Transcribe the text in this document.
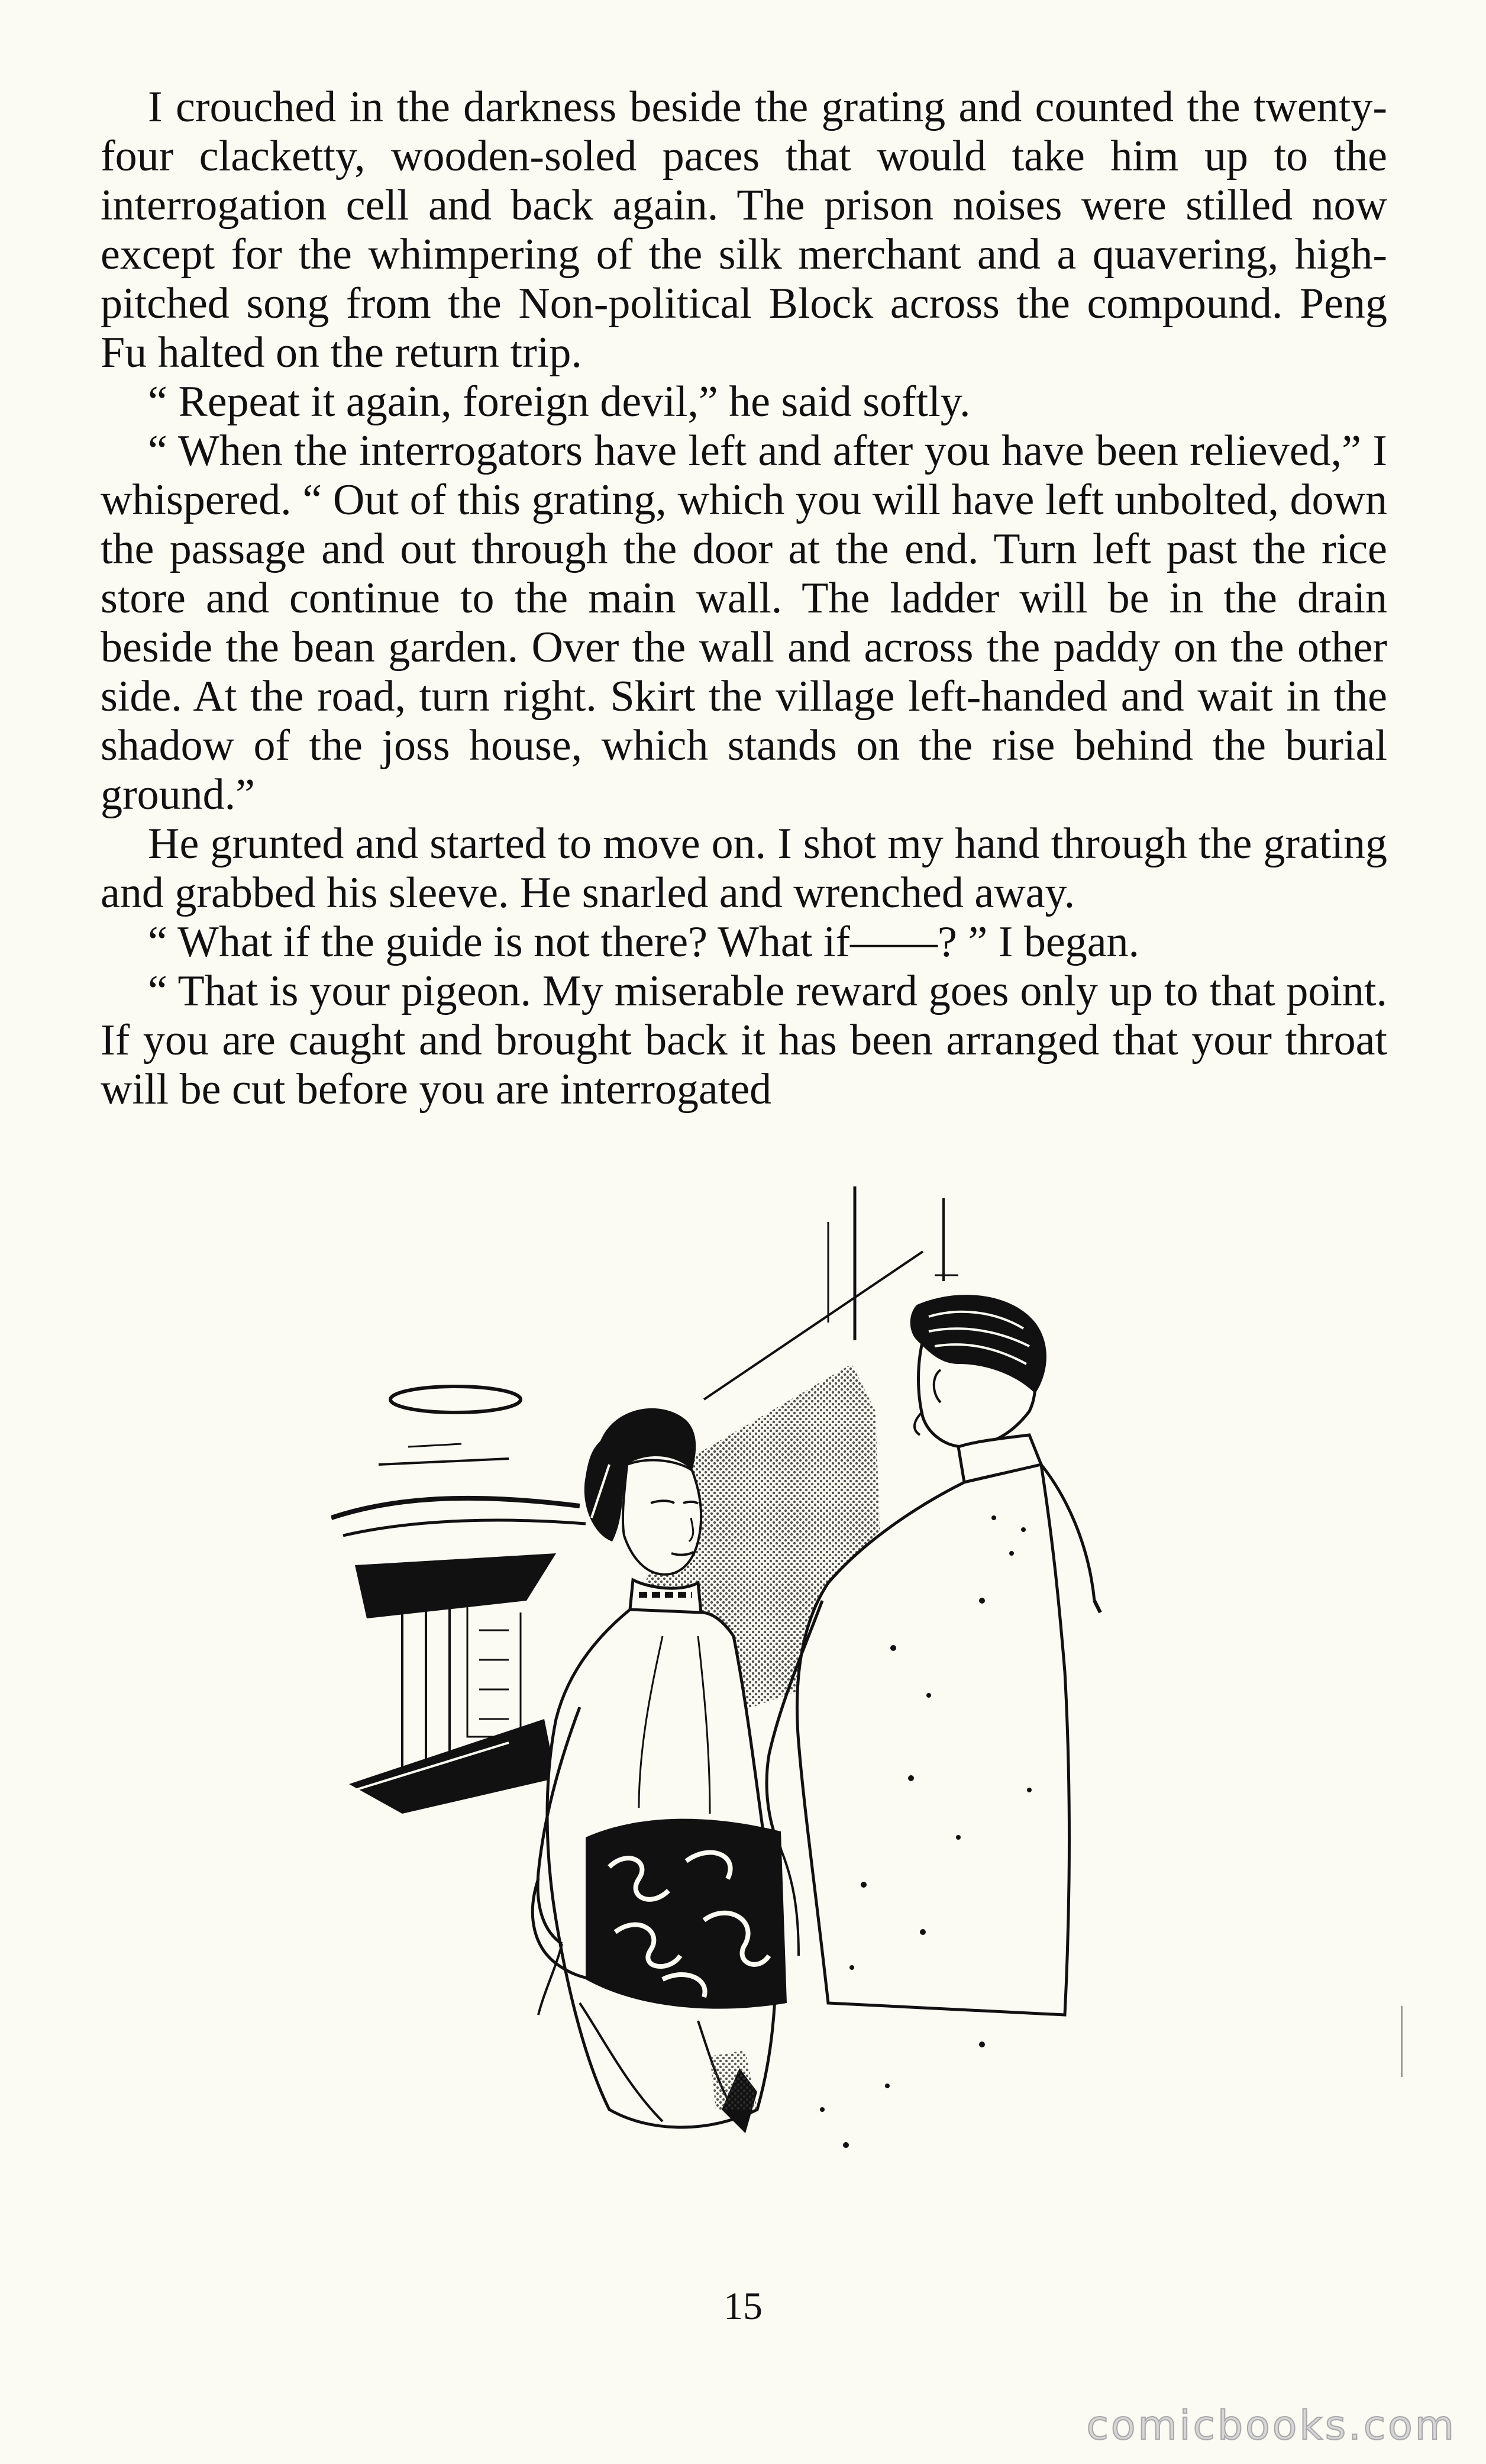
I crouched in the darkness beside the grating and counted the twenty-four clacketty, wooden-soled paces that would take him up to the interrogation cell and back again. The prison noises were stilled now except for the whimpering of the silk merchant and a quavering, high-pitched song from the Non-political Block across the compound. Peng Fu halted on the return trip.

“ Repeat it again, foreign devil,” he said softly.

“ When the interrogators have left and after you have been relieved,” I whispered. “ Out of this grating, which you will have left unbolted, down the passage and out through the door at the end. Turn left past the rice store and continue to the main wall. The ladder will be in the drain beside the bean garden. Over the wall and across the paddy on the other side. At the road, turn right. Skirt the village left-handed and wait in the shadow of the joss house, which stands on the rise behind the burial ground.”

He grunted and started to move on. I shot my hand through the grating and grabbed his sleeve. He snarled and wrenched away.

“ What if the guide is not there? What if——? ” I began.

“ That is your pigeon. My miserable reward goes only up to that point. If you are caught and brought back it has been arranged that your throat will be cut before you are interrogated

15
comicbooks.com
